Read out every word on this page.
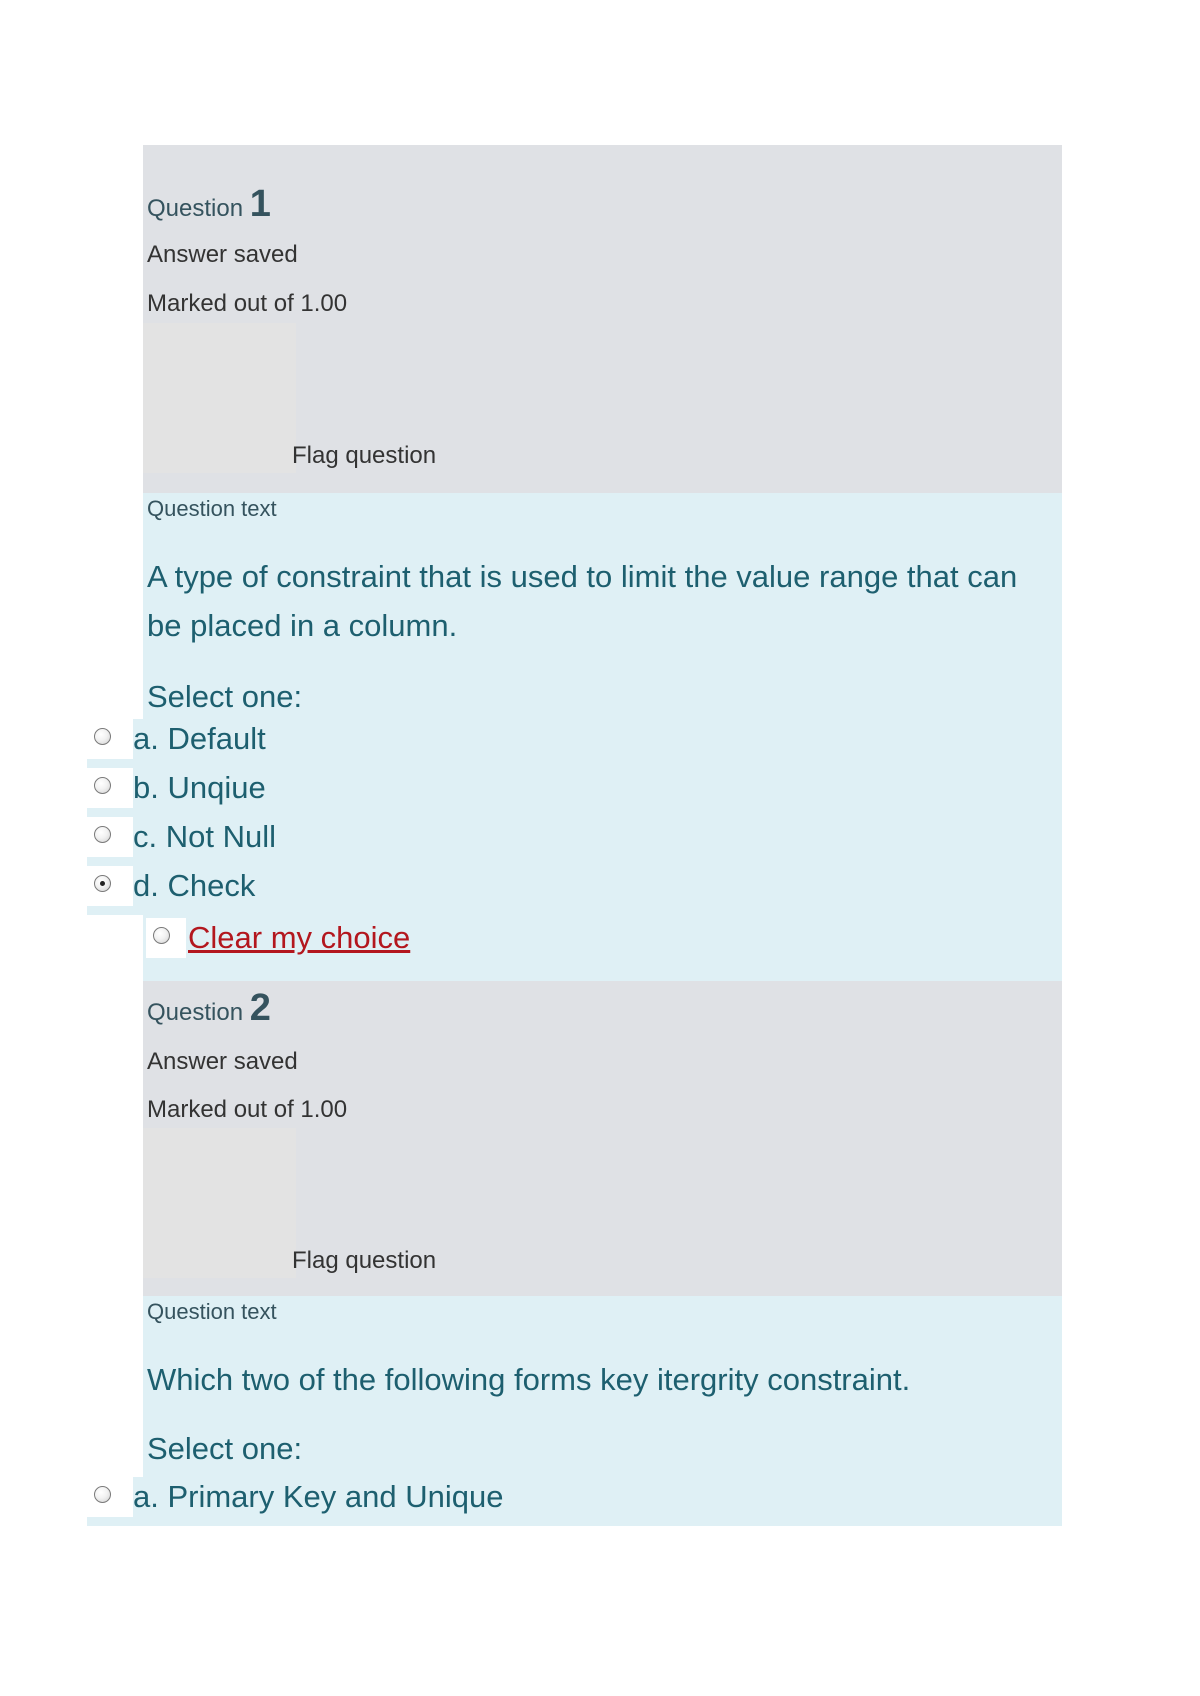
Question 1
Answer saved
Marked out of 1.00
Flag question
Question text
A type of constraint that is used to limit the value range that can be placed in a column.
Select one:
a. Default
b. Unqiue
c. Not Null
d. Check
Clear my choice
Question 2
Answer saved
Marked out of 1.00
Flag question
Question text
Which two of the following forms key itergrity constraint.
Select one:
a. Primary Key and Unique
